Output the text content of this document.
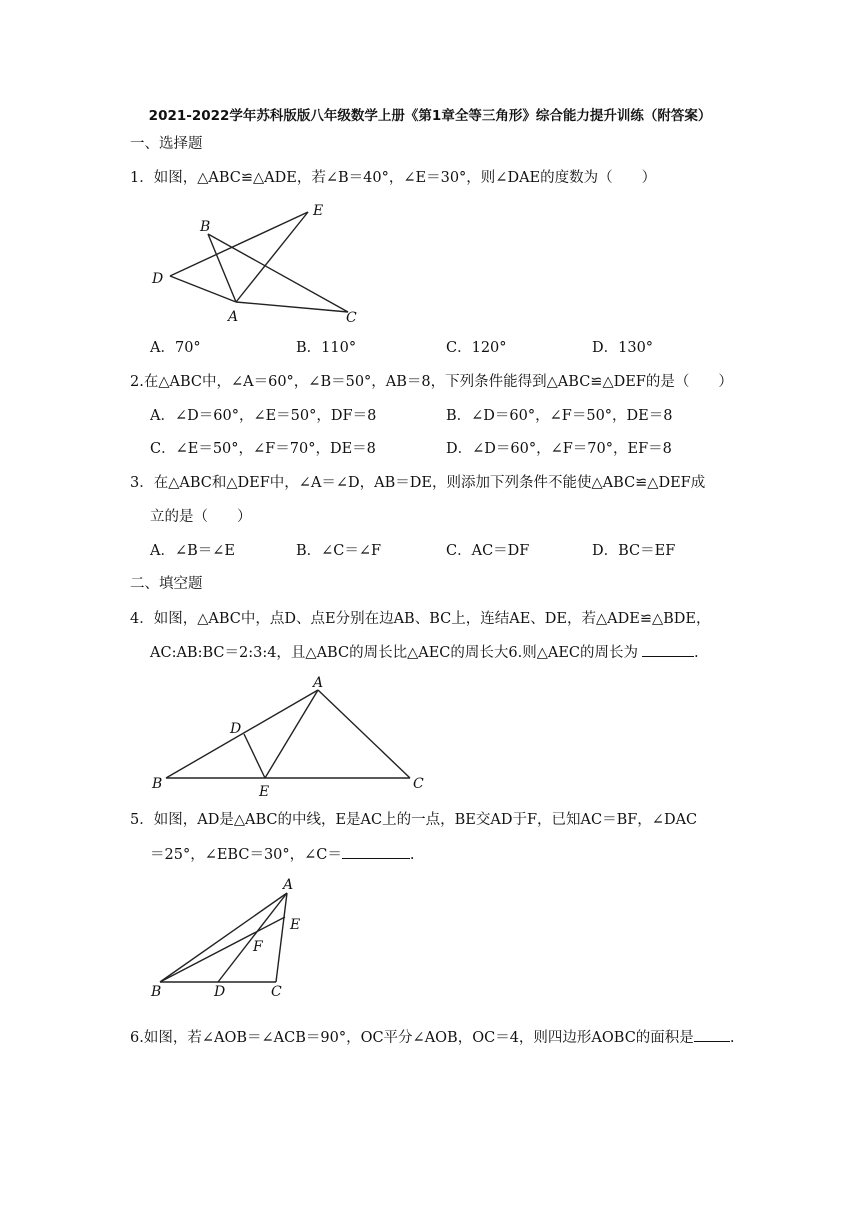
2021-2022学年苏科版版八年级数学上册《第1章全等三角形》综合能力提升训练（附答案）
一、选择题
1．如图，△ABC≌△ADE，若∠B＝40°，∠E＝30°，则∠DAE的度数为（　　）
B
E
D
A	C
A．70°	B．110°	C．120°	D．130°
2.在△ABC中，∠A＝60°，∠B＝50°，AB＝8，下列条件能得到△ABC≌△DEF的是（　　）
A．∠D＝60°，∠E＝50°，DF＝8	B．∠D＝60°，∠F＝50°，DE＝8
C．∠E＝50°，∠F＝70°，DE＝8	D．∠D＝60°，∠F＝70°，EF＝8
3．在△ABC和△DEF中，∠A＝∠D，AB＝DE，则添加下列条件不能使△ABC≌△DEF成
立的是（　　）
A．∠B＝∠E	B．∠C＝∠F	C．AC＝DF	D．BC＝EF
二、填空题
4．如图，△ABC中，点D、点E分别在边AB、BC上，连结AE、DE，若△ADE≌△BDE，
AC:AB:BC＝2:3:4，且△ABC的周长比△AEC的周长大6.则△AEC的周长为	.
A
D
B	E	C
5．如图，AD是△ABC的中线，E是AC上的一点，BE交AD于F，已知AC＝BF，∠DAC
＝25°，∠EBC＝30°，∠C＝	.
A
E
F
B	D	C
6.如图，若∠AOB＝∠ACB＝90°，OC平分∠AOB，OC＝4，则四边形AOBC的面积是 .
